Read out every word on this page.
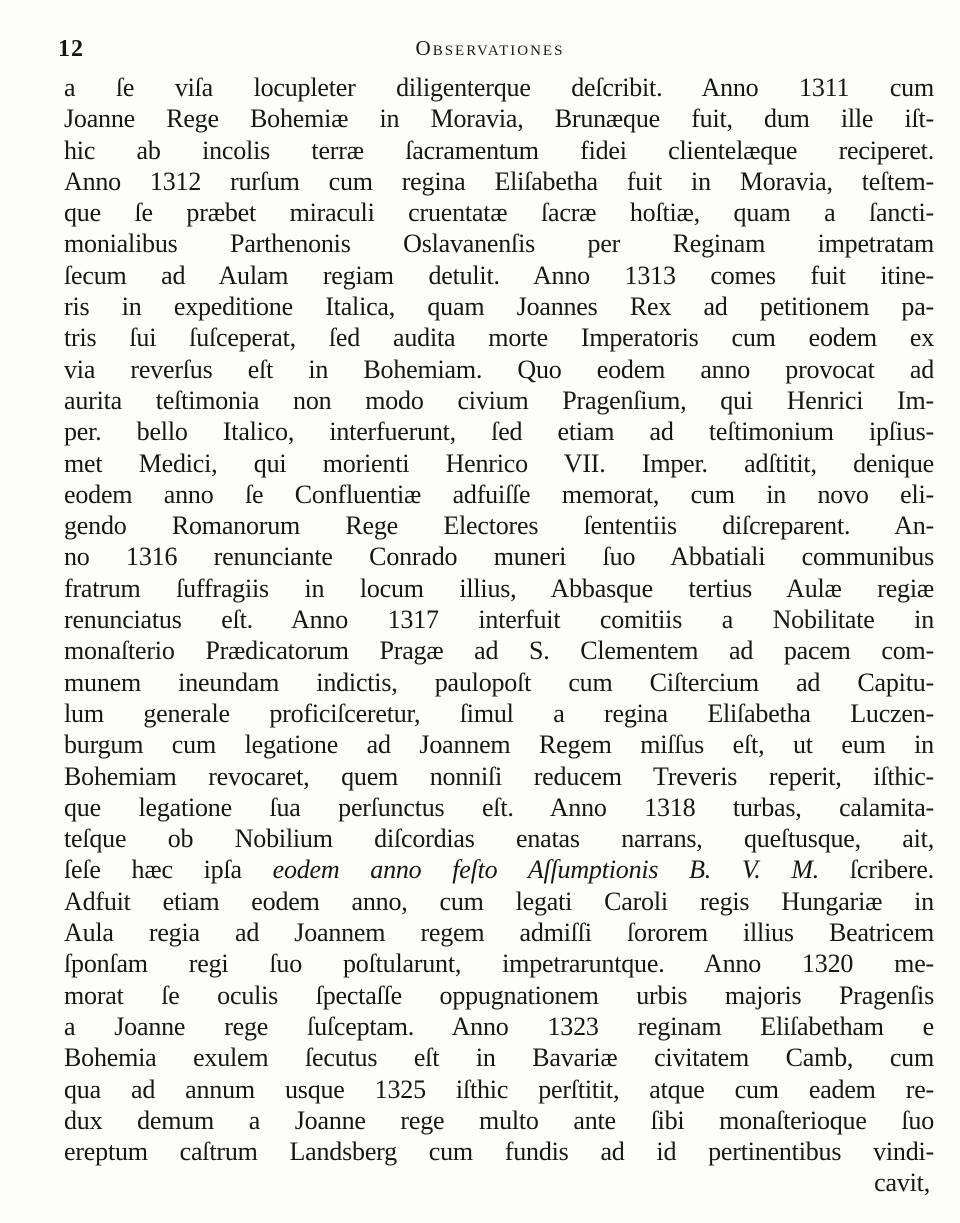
12	Observationes
a ſe viſa locupleter diligenterque deſcribit. Anno 1311 cum
Joanne Rege Bohemiæ in Moravia, Brunæque fuit, dum ille iſt-
hic ab incolis terræ ſacramentum fidei clientelæque reciperet.
Anno 1312 rurſum cum regina Eliſabetha fuit in Moravia, teſtem-
que ſe præbet miraculi cruentatæ ſacræ hoſtiæ, quam a ſancti-
monialibus Parthenonis Oslavanenſis per Reginam impetratam
ſecum ad Aulam regiam detulit. Anno 1313 comes fuit itine-
ris in expeditione Italica, quam Joannes Rex ad petitionem pa-
tris ſui ſuſceperat, ſed audita morte Imperatoris cum eodem ex
via reverſus eſt in Bohemiam. Quo eodem anno provocat ad
aurita teſtimonia non modo civium Pragenſium, qui Henrici Im-
per. bello Italico, interfuerunt, ſed etiam ad teſtimonium ipſius-
met Medici, qui morienti Henrico VII. Imper. adſtitit, denique
eodem anno ſe Confluentiæ adfuiſſe memorat, cum in novo eli-
gendo Romanorum Rege Electores ſententiis diſcreparent. An-
no 1316 renunciante Conrado muneri ſuo Abbatiali communibus
fratrum ſuffragiis in locum illius, Abbasque tertius Aulæ regiæ
renunciatus eſt. Anno 1317 interfuit comitiis a Nobilitate in
monaſterio Prædicatorum Pragæ ad S. Clementem ad pacem com-
munem ineundam indictis, paulopoſt cum Ciſtercium ad Capitu-
lum generale proficiſceretur, ſimul a regina Eliſabetha Luczen-
burgum cum legatione ad Joannem Regem miſſus eſt, ut eum in
Bohemiam revocaret, quem nonniſi reducem Treveris reperit, iſthic-
que legatione ſua perſunctus eſt. Anno 1318 turbas, calamita-
teſque ob Nobilium diſcordias enatas narrans, queſtusque, ait,
ſeſe hæc ipſa eodem anno feſto Aſſumptionis B. V. M. ſcribere.
Adfuit etiam eodem anno, cum legati Caroli regis Hungariæ in
Aula regia ad Joannem regem admiſſi ſororem illius Beatricem
ſponſam regi ſuo poſtularunt, impetraruntque. Anno 1320 me-
morat ſe oculis ſpectaſſe oppugnationem urbis majoris Pragenſis
a Joanne rege ſuſceptam. Anno 1323 reginam Eliſabetham e
Bohemia exulem ſecutus eſt in Bavariæ civitatem Camb, cum
qua ad annum usque 1325 iſthic perſtitit, atque cum eadem re-
dux demum a Joanne rege multo ante ſibi monaſterioque ſuo
ereptum caſtrum Landsberg cum fundis ad id pertinentibus vindi-
cavit,
